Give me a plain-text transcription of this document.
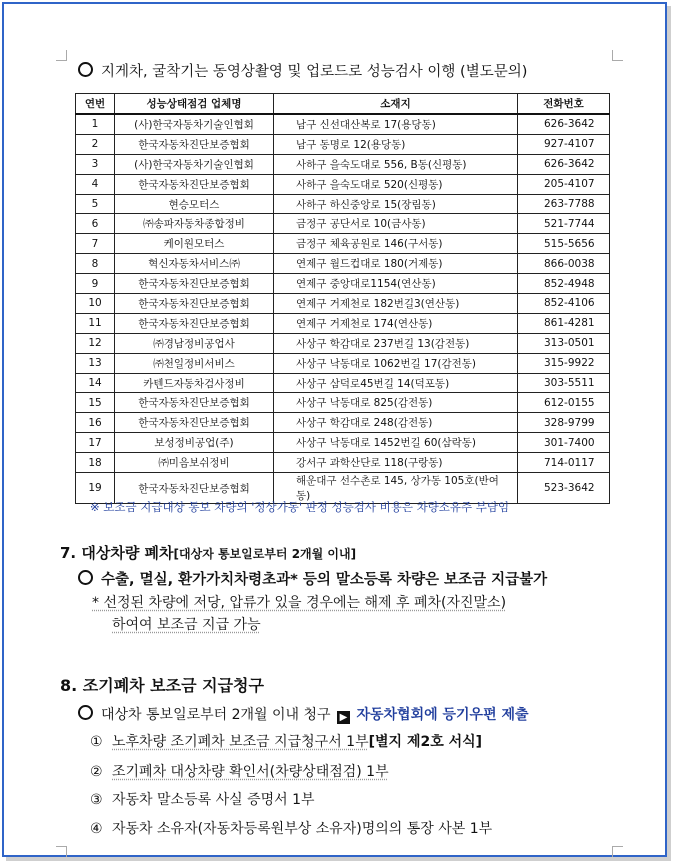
지게차, 굴착기는 동영상촬영 및 업로드로 성능검사 이행 (별도문의)
연번	성능상태점검 업체명	소재지	전화번호
1	(사)한국자동차기술인협회	남구 신선대산복로 17(용당동)	626-3642
2	한국자동차진단보증협회	남구 동명로 12(용당동)	927-4107
3	(사)한국자동차기술인협회	사하구 을숙도대로 556, B동(신평동)	626-3642
4	한국자동차진단보증협회	사하구 을숙도대로 520(신평동)	205-4107
5	현승모터스	사하구 하신중앙로 15(장림동)	263-7788
6	㈜송파자동차종합정비	금정구 공단서로 10(금사동)	521-7744
7	케이원모터스	금정구 체육공원로 146(구서동)	515-5656
8	혁신자동차서비스㈜	연제구 월드컵대로 180(거제동)	866-0038
9	한국자동차진단보증협회	연제구 중앙대로1154(연산동)	852-4948
10	한국자동차진단보증협회	연제구 거제천로 182번길3(연산동)	852-4106
11	한국자동차진단보증협회	연제구 거제천로 174(연산동)	861-4281
12	㈜경남정비공업사	사상구 학감대로 237번길 13(감전동)	313-0501
13	㈜천일정비서비스	사상구 낙동대로 1062번길 17(감전동)	315-9922
14	카텐드자동차검사정비	사상구 삼덕로45번길 14(덕포동)	303-5511
15	한국자동차진단보증협회	사상구 낙동대로 825(감전동)	612-0155
16	한국자동차진단보증협회	사상구 학감대로 248(감전동)	328-9799
17	보성정비공업(주)	사상구 낙동대로 1452번길 60(삼락동)	301-7400
18	㈜미음보쉬정비	강서구 과학산단로 118(구랑동)	714-0117
19	한국자동차진단보증협회	해운대구 선수촌로 145, 상가동 105호(반여동)	523-3642
※ 보조금 지급대상 통보 차량의 '정상가동' 판정 성능검사 비용은 차량소유주 부담임
7. 대상차량 폐차[대상자 통보일로부터 2개월 이내]
수출, 멸실, 환가가치차령초과* 등의 말소등록 차량은 보조금 지급불가
* 선정된 차량에 저당, 압류가 있을 경우에는 해제 후 폐차(자진말소)
하여여 보조금 지급 가능
8. 조기폐차 보조금 지급청구
대상차 통보일로부터 2개월 이내 청구 ▶ 자동차협회에 등기우편 제출
① 노후차량 조기폐차 보조금 지급청구서 1부[별지 제2호 서식]
② 조기폐차 대상차량 확인서(차량상태점검) 1부
③ 자동차 말소등록 사실 증명서 1부
④ 자동차 소유자(자동차등록원부상 소유자)명의의 통장 사본 1부
